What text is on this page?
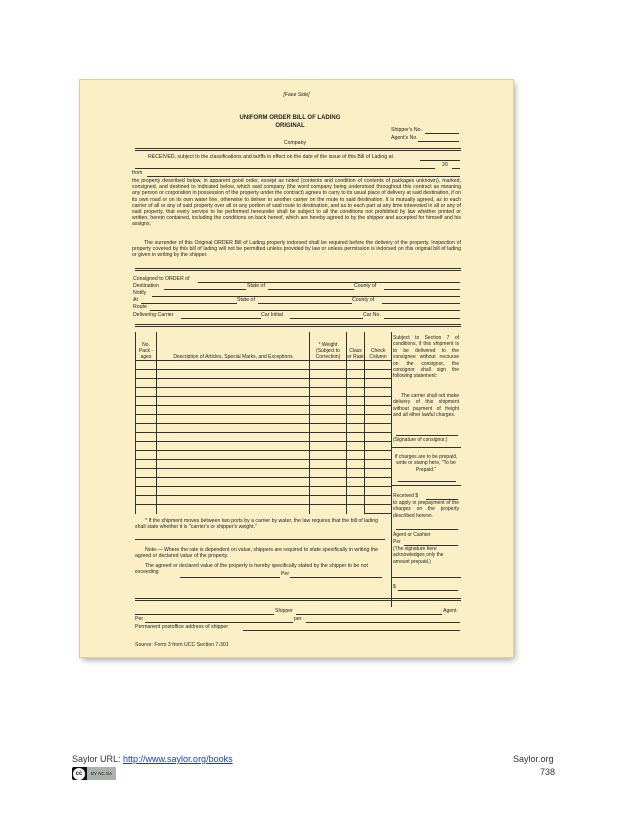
[Face Side]
UNIFORM ORDER BILL OF LADING
ORIGINAL
Shipper's No.
Agent's No.
Company
RECEIVED, subject to the classifications and tariffs in effect on the date of the issue of this Bill of Lading at
20
from
the property described below, in apparent good order, except as noted (contents and condition of contents of packages unknown), marked, consigned, and destined to indicated below, which said company (the word company being understood throughout this contract as meaning any person or corporation in possession of the property under the contract) agrees to carry to its usual place of delivery at said destination, if on its own road or on its own water line, otherwise to deliver to another carrier on the route to said destination. It is mutually agreed, as to each carrier of all or any of said property over all or any portion of said route to destination, and as to each part at any time interested in all or any of said property, that every service to be performed hereunder shall be subject to all the conditions not prohibited by law whether printed or written, herein contained, including the conditions on back hereof, which are hereby agreed to by the shipper and accepted for himself and his assigns.
The surrender of this Original ORDER Bill of Lading properly indorsed shall be required before the delivery of the property. Inspection of property covered by this bill of lading will not be permitted unless provided by law or unless permission is indorsed on this original bill of lading or given in writing by the shipper.
Consigned to ORDER of
Destination	State of	County of
Notify
At	State of	County of
Route
Delivering Carrier	Car Initial	Car No.
No. Pack -ages	Description of Articles, Special Marks, and Exceptions	* Weight (Subject to Correction)	Class or Rate	Check Column

Subject to Section 7 of conditions, if this shipment is to be delivered to the consignee without recourse on the consignor, the consignor shall sign the following statement:
The carrier shall not make delivery of this shipment without payment of freight and all other lawful charges.
(Signature of consignor.)
If charges are to be prepaid, write or stamp here, "To be Prepaid."
Received $
to apply in prepayment of the charges on the property described hereon.
Agent or Cashier
Per
(The signature here acknowledges only the amount prepaid.)
$
* If the shipment moves between two ports by a carrier by water, the law requires that the bill of lading shall state whether it is "carrier's or shipper's weight."
Note.— Where the rate is dependent on value, shippers are required to state specifically in writing the agreed or declared value of the property.
The agreed or declared value of the property is hereby specifically stated by the shipper to be not exceeding	Per
Shipper	Agent
Per	per
Permanent postoffice address of shipper
Source: Form 3 from UCC Section 7-301
Saylor URL: http://www.saylor.org/books
cc	BY NC SA
Saylor.org
738
